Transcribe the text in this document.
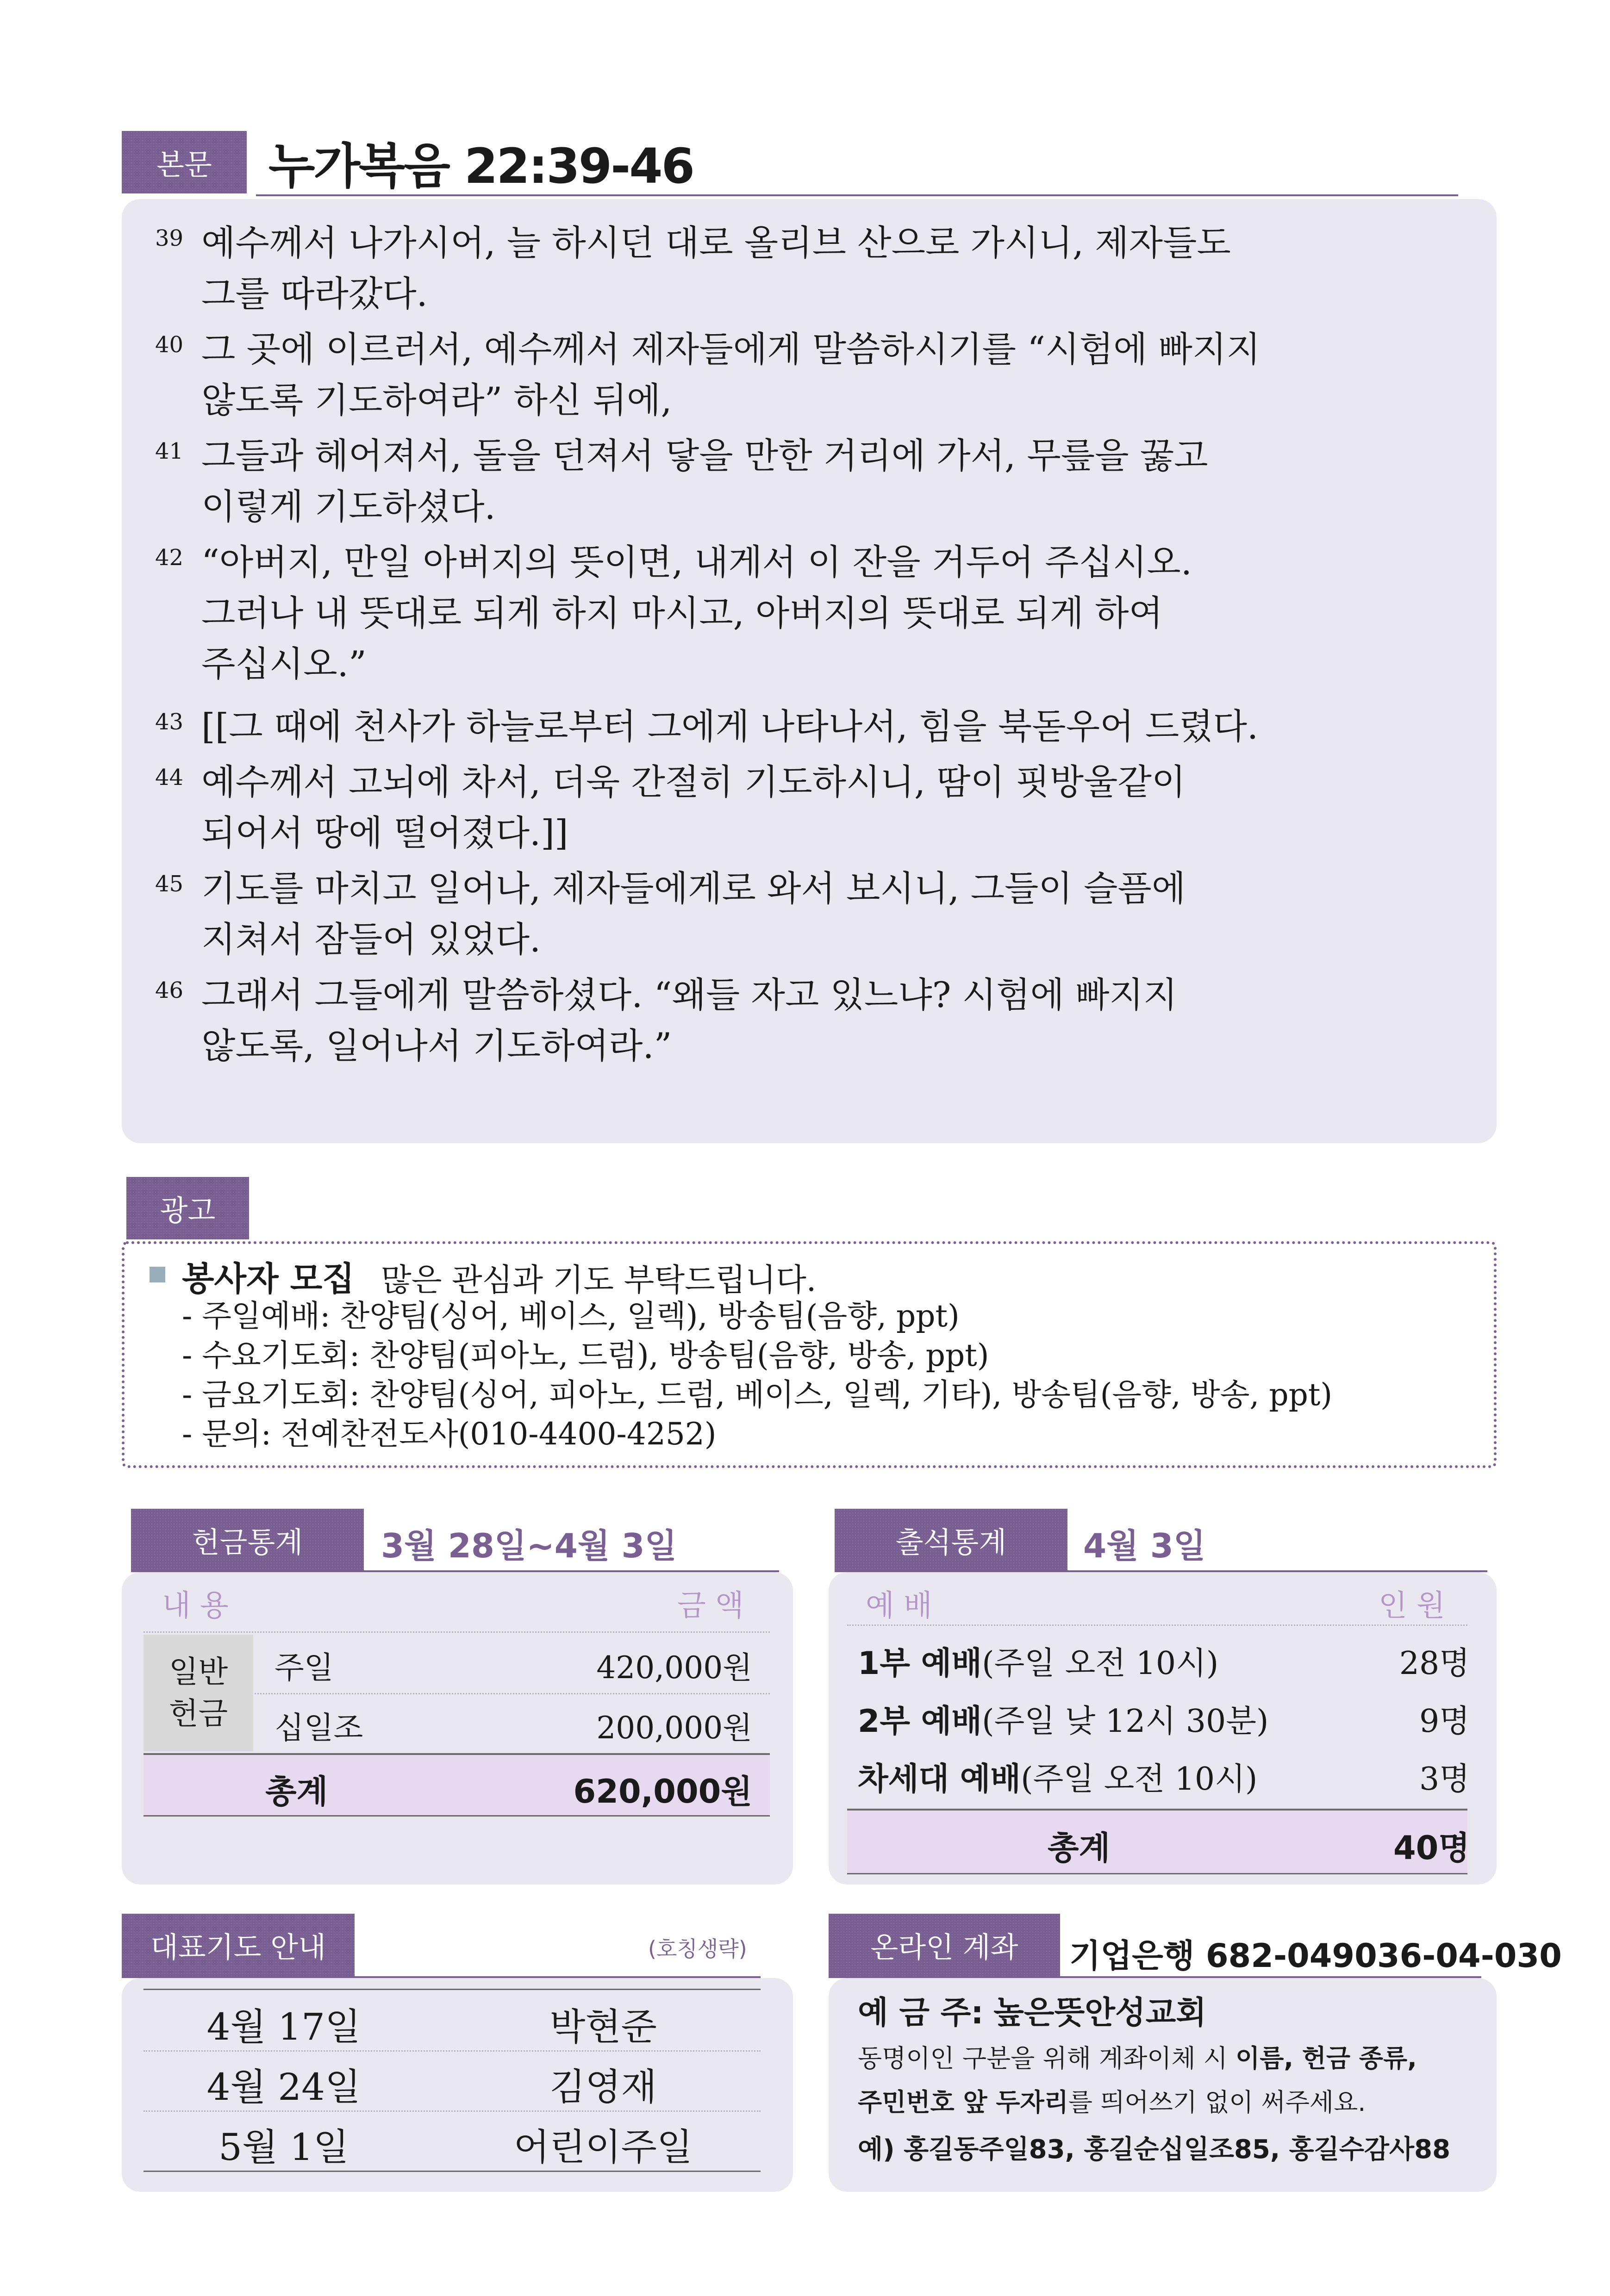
본문	누가복음 22:39-46
39 예수께서 나가시어, 늘 하시던 대로 올리브 산으로 가시니, 제자들도
그를 따라갔다.
40 그 곳에 이르러서, 예수께서 제자들에게 말씀하시기를 “시험에 빠지지
않도록 기도하여라” 하신 뒤에,
41 그들과 헤어져서, 돌을 던져서 닿을 만한 거리에 가서, 무릎을 꿇고
이렇게 기도하셨다.
42 “아버지, 만일 아버지의 뜻이면, 내게서 이 잔을 거두어 주십시오.
그러나 내 뜻대로 되게 하지 마시고, 아버지의 뜻대로 되게 하여
주십시오.”
43 [[그 때에 천사가 하늘로부터 그에게 나타나서, 힘을 북돋우어 드렸다.
44 예수께서 고뇌에 차서, 더욱 간절히 기도하시니, 땀이 핏방울같이
되어서 땅에 떨어졌다.]]
45 기도를 마치고 일어나, 제자들에게로 와서 보시니, 그들이 슬픔에
지쳐서 잠들어 있었다.
46 그래서 그들에게 말씀하셨다. “왜들 자고 있느냐? 시험에 빠지지
않도록, 일어나서 기도하여라.”
광고
봉사자 모집 많은 관심과 기도 부탁드립니다.
- 주일예배: 찬양팀(싱어, 베이스, 일렉), 방송팀(음향, ppt)
- 수요기도회: 찬양팀(피아노, 드럼), 방송팀(음향, 방송, ppt)
- 금요기도회: 찬양팀(싱어, 피아노, 드럼, 베이스, 일렉, 기타), 방송팀(음향, 방송, ppt)
- 문의: 전예찬전도사(010-4400-4252)
헌금통계	3월 28일~4월 3일
내용	금액
일반
헌금
주일	420,000원
십일조	200,000원
총계	620,000원
출석통계	4월 3일
예배	인원
1부 예배(주일 오전 10시)	28명
2부 예배(주일 낮 12시 30분)	9명
차세대 예배(주일 오전 10시)	3명
총계	40명
대표기도 안내	(호칭생략)
4월 17일	박현준
4월 24일	김영재
5월 1일	어린이주일
온라인 계좌	기업은행 682-049036-04-030
예 금 주: 높은뜻안성교회
동명이인 구분을 위해 계좌이체 시 이름, 헌금 종류,
주민번호 앞 두자리를 띄어쓰기 없이 써주세요.
예) 홍길동주일83, 홍길순십일조85, 홍길수감사88
